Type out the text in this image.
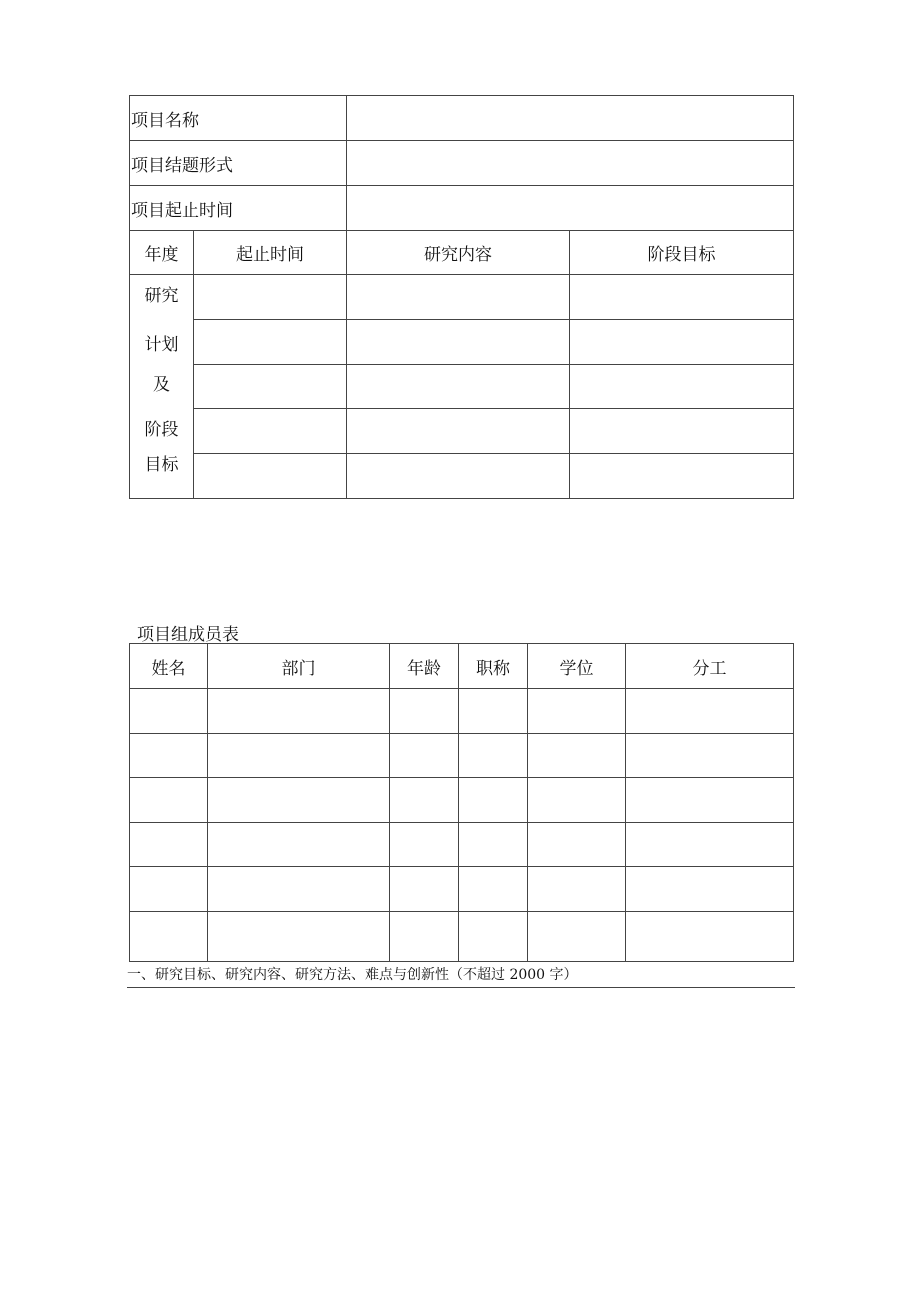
项目名称			
项目结题形式			
项目起止时间			
年度	起止时间	研究内容	阶段目标

研究
计划
及
阶段
目标			

项目组成员表
姓名	部门	年龄	职称	学位	分工

一、研究目标、研究内容、研究方法、难点与创新性（不超过 2000 字）
